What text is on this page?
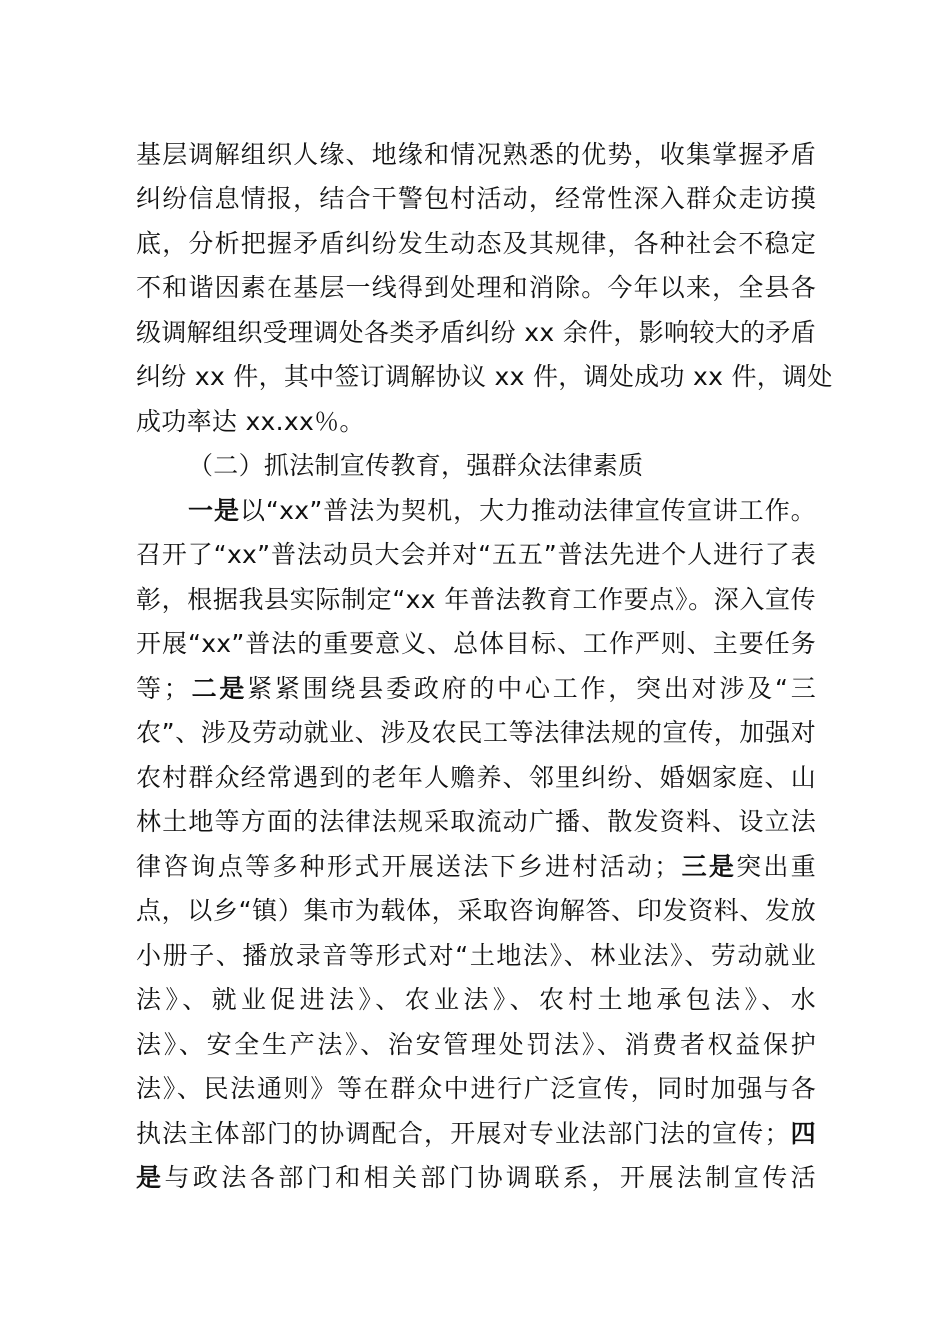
基层调解组织人缘、地缘和情况熟悉的优势，收集掌握矛盾
纠纷信息情报，结合干警包村活动，经常性深入群众走访摸
底，分析把握矛盾纠纷发生动态及其规律，各种社会不稳定
不和谐因素在基层一线得到处理和消除。今年以来，全县各
级调解组织受理调处各类矛盾纠纷 xx 余件，影响较大的矛盾
纠纷 xx 件，其中签订调解协议 xx 件，调处成功 xx 件，调处
成功率达 xx.xx％。
（二）抓法制宣传教育，强群众法律素质
一是以“xx”普法为契机，大力推动法律宣传宣讲工作。
召开了“xx”普法动员大会并对“五五”普法先进个人进行了表
彰，根据我县实际制定“xx 年普法教育工作要点》。深入宣传
开展“xx”普法的重要意义、总体目标、工作严则、主要任务
等；二是紧紧围绕县委政府的中心工作，突出对涉及“三
农”、涉及劳动就业、涉及农民工等法律法规的宣传，加强对
农村群众经常遇到的老年人赡养、邻里纠纷、婚姻家庭、山
林土地等方面的法律法规采取流动广播、散发资料、设立法
律咨询点等多种形式开展送法下乡进村活动；三是突出重
点，以乡“镇）集市为载体，采取咨询解答、印发资料、发放
小册子、播放录音等形式对“土地法》、林业法》、劳动就业
法》、就业促进法》、农业法》、农村土地承包法》、水
法》、安全生产法》、治安管理处罚法》、消费者权益保护
法》、民法通则》等在群众中进行广泛宣传，同时加强与各
执法主体部门的协调配合，开展对专业法部门法的宣传；四
是与政法各部门和相关部门协调联系，开展法制宣传活
